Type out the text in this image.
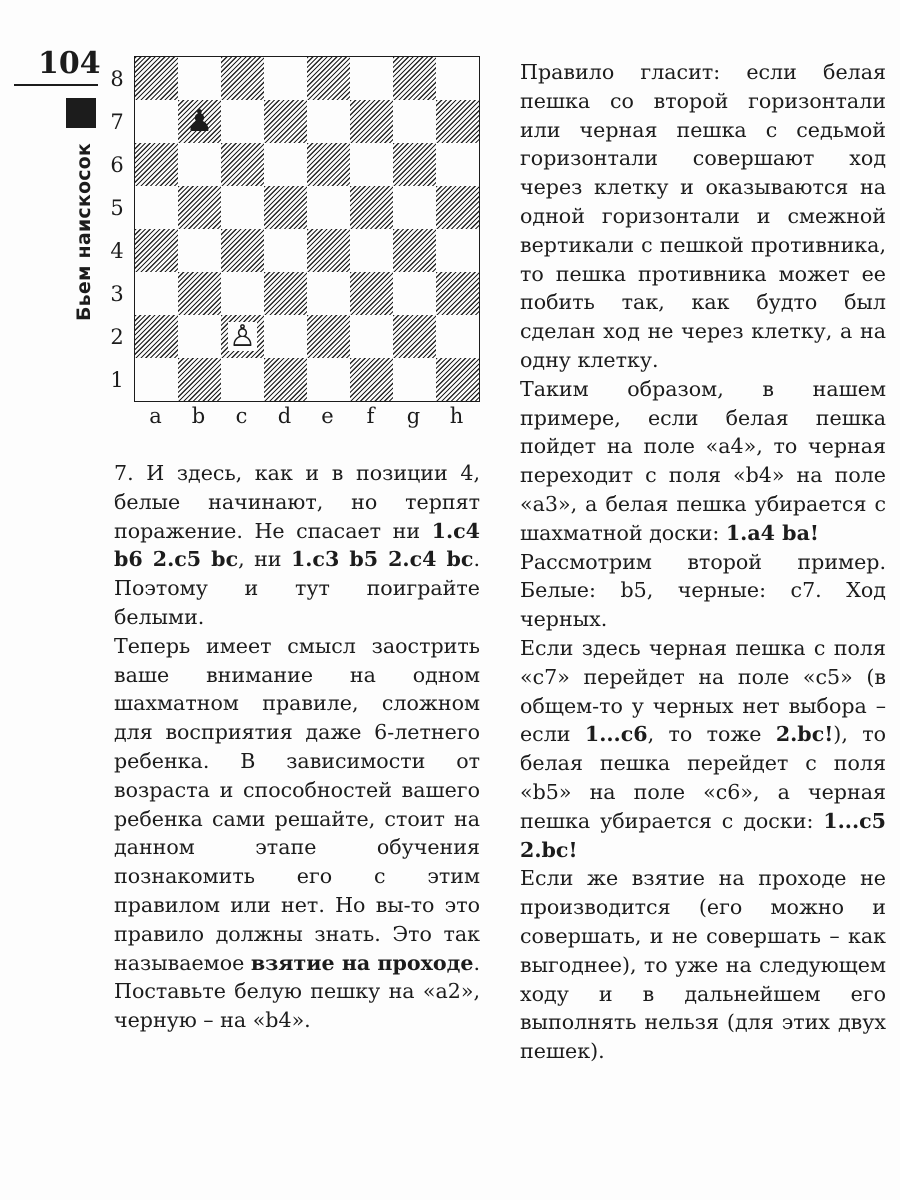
104
Бьем наискосок
8
7
6
5
4
3
2
1
♟
♙
a	b	c	d	e	f	g	h

7. И здесь, как и в позиции 4, белые начинают, но терпят поражение. Не спасает ни 1.c4 b6 2.c5 bc, ни 1.c3 b5 2.c4 bc. Поэтому и тут поиграйте белыми.

Теперь имеет смысл заострить ваше внимание на одном шахматном правиле, сложном для восприятия даже 6-летнего ребенка. В зависимости от возраста и способностей вашего ребенка сами решайте, стоит на данном этапе обучения познакомить его с этим правилом или нет. Но вы-то это правило должны знать. Это так называемое взятие на проходе. Поставьте белую пешку на «а2», черную – на «b4».

Правило гласит: если белая пешка со второй горизонтали или черная пешка с седьмой горизонтали совершают ход через клетку и оказываются на одной горизонтали и смежной вертикали с пешкой противника, то пешка противника может ее побить так, как будто был сделан ход не через клетку, а на одну клетку.

Таким образом, в нашем примере, если белая пешка пойдет на поле «а4», то черная переходит с поля «b4» на поле «а3», а белая пешка убирается с шахматной доски: 1.a4 ba!

Рассмотрим второй пример. Белые: b5, черные: c7. Ход черных.

Если здесь черная пешка с поля «с7» перейдет на поле «с5» (в общем-то у черных нет выбора – если 1...c6, то тоже 2.bc!), то белая пешка перейдет с поля «b5» на поле «с6», а черная пешка убирается с доски: 1...c5 2.bc!

Если же взятие на проходе не производится (его можно и совершать, и не совершать – как выгоднее), то уже на следующем ходу и в дальнейшем его выполнять нельзя (для этих двух пешек).
